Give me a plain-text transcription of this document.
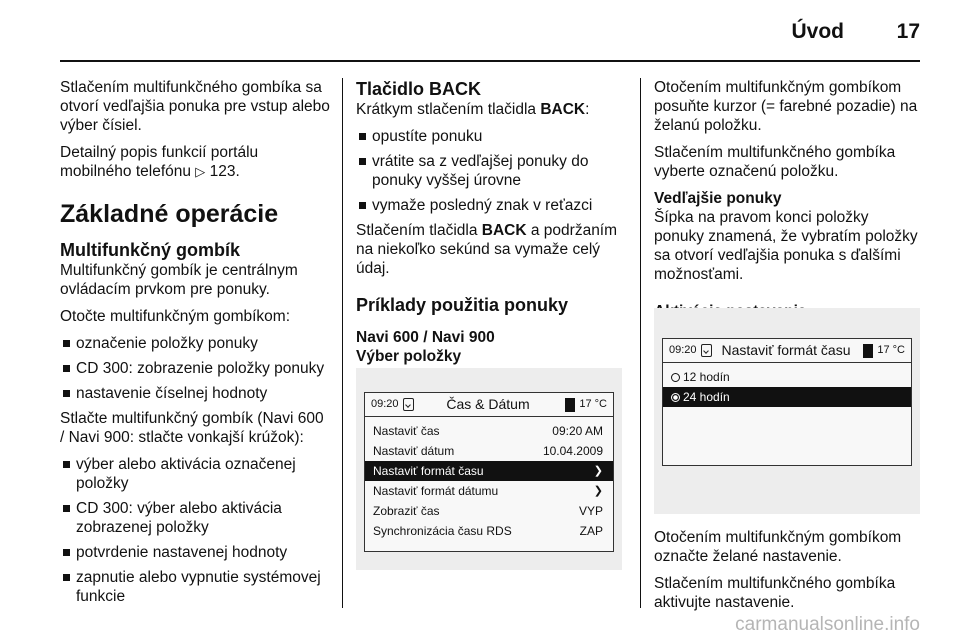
Úvod	17

Stlačením multifunkčného gombíka sa otvorí vedľajšia ponuka pre vstup alebo výber čísiel.

Detailný popis funkcií portálu mobilného telefónu ▷ 123.

Základné operácie
Multifunkčný gombík

Multifunkčný gombík je centrálnym ovládacím prvkom pre ponuky.

Otočte multifunkčným gombíkom:

označenie položky ponuky
CD 300: zobrazenie položky ponuky
nastavenie číselnej hodnoty

Stlačte multifunkčný gombík (Navi 600 / Navi 900: stlačte vonkajší krúžok):

výber alebo aktivácia označenej položky
CD 300: výber alebo aktivácia zobrazenej položky
potvrdenie nastavenej hodnoty
zapnutie alebo vypnutie systémovej funkcie
Tlačidlo BACK

Krátkym stlačením tlačidla BACK:

opustíte ponuku
vrátite sa z vedľajšej ponuky do ponuky vyššej úrovne
vymaže posledný znak v reťazci

Stlačením tlačidla BACK a podržaním na niekoľko sekúnd sa vymaže celý údaj.

Príklady použitia ponuky
Navi 600 / Navi 900
Výber položky
09:20	Čas & Dátum	17 °C
Nastaviť čas	09:20 AM
Nastaviť dátum	10.04.2009
Nastaviť formát času	❯
Nastaviť formát dátumu	❯
Zobraziť čas	VYP
Synchronizácia času RDS	ZAP

Otočením multifunkčným gombíkom posuňte kurzor (= farebné pozadie) na želanú položku.

Stlačením multifunkčného gombíka vyberte označenú položku.

Vedľajšie ponuky

Šípka na pravom konci položky ponuky znamená, že vybratím položky sa otvorí vedľajšia ponuka s ďalšími možnosťami.

09:20 Nastaviť formát času 17 °C
12 hodín
24 hodín

Otočením multifunkčným gombíkom označte želané nastavenie.

Stlačením multifunkčného gombíka aktivujte nastavenie.

carmanualsonline.info
